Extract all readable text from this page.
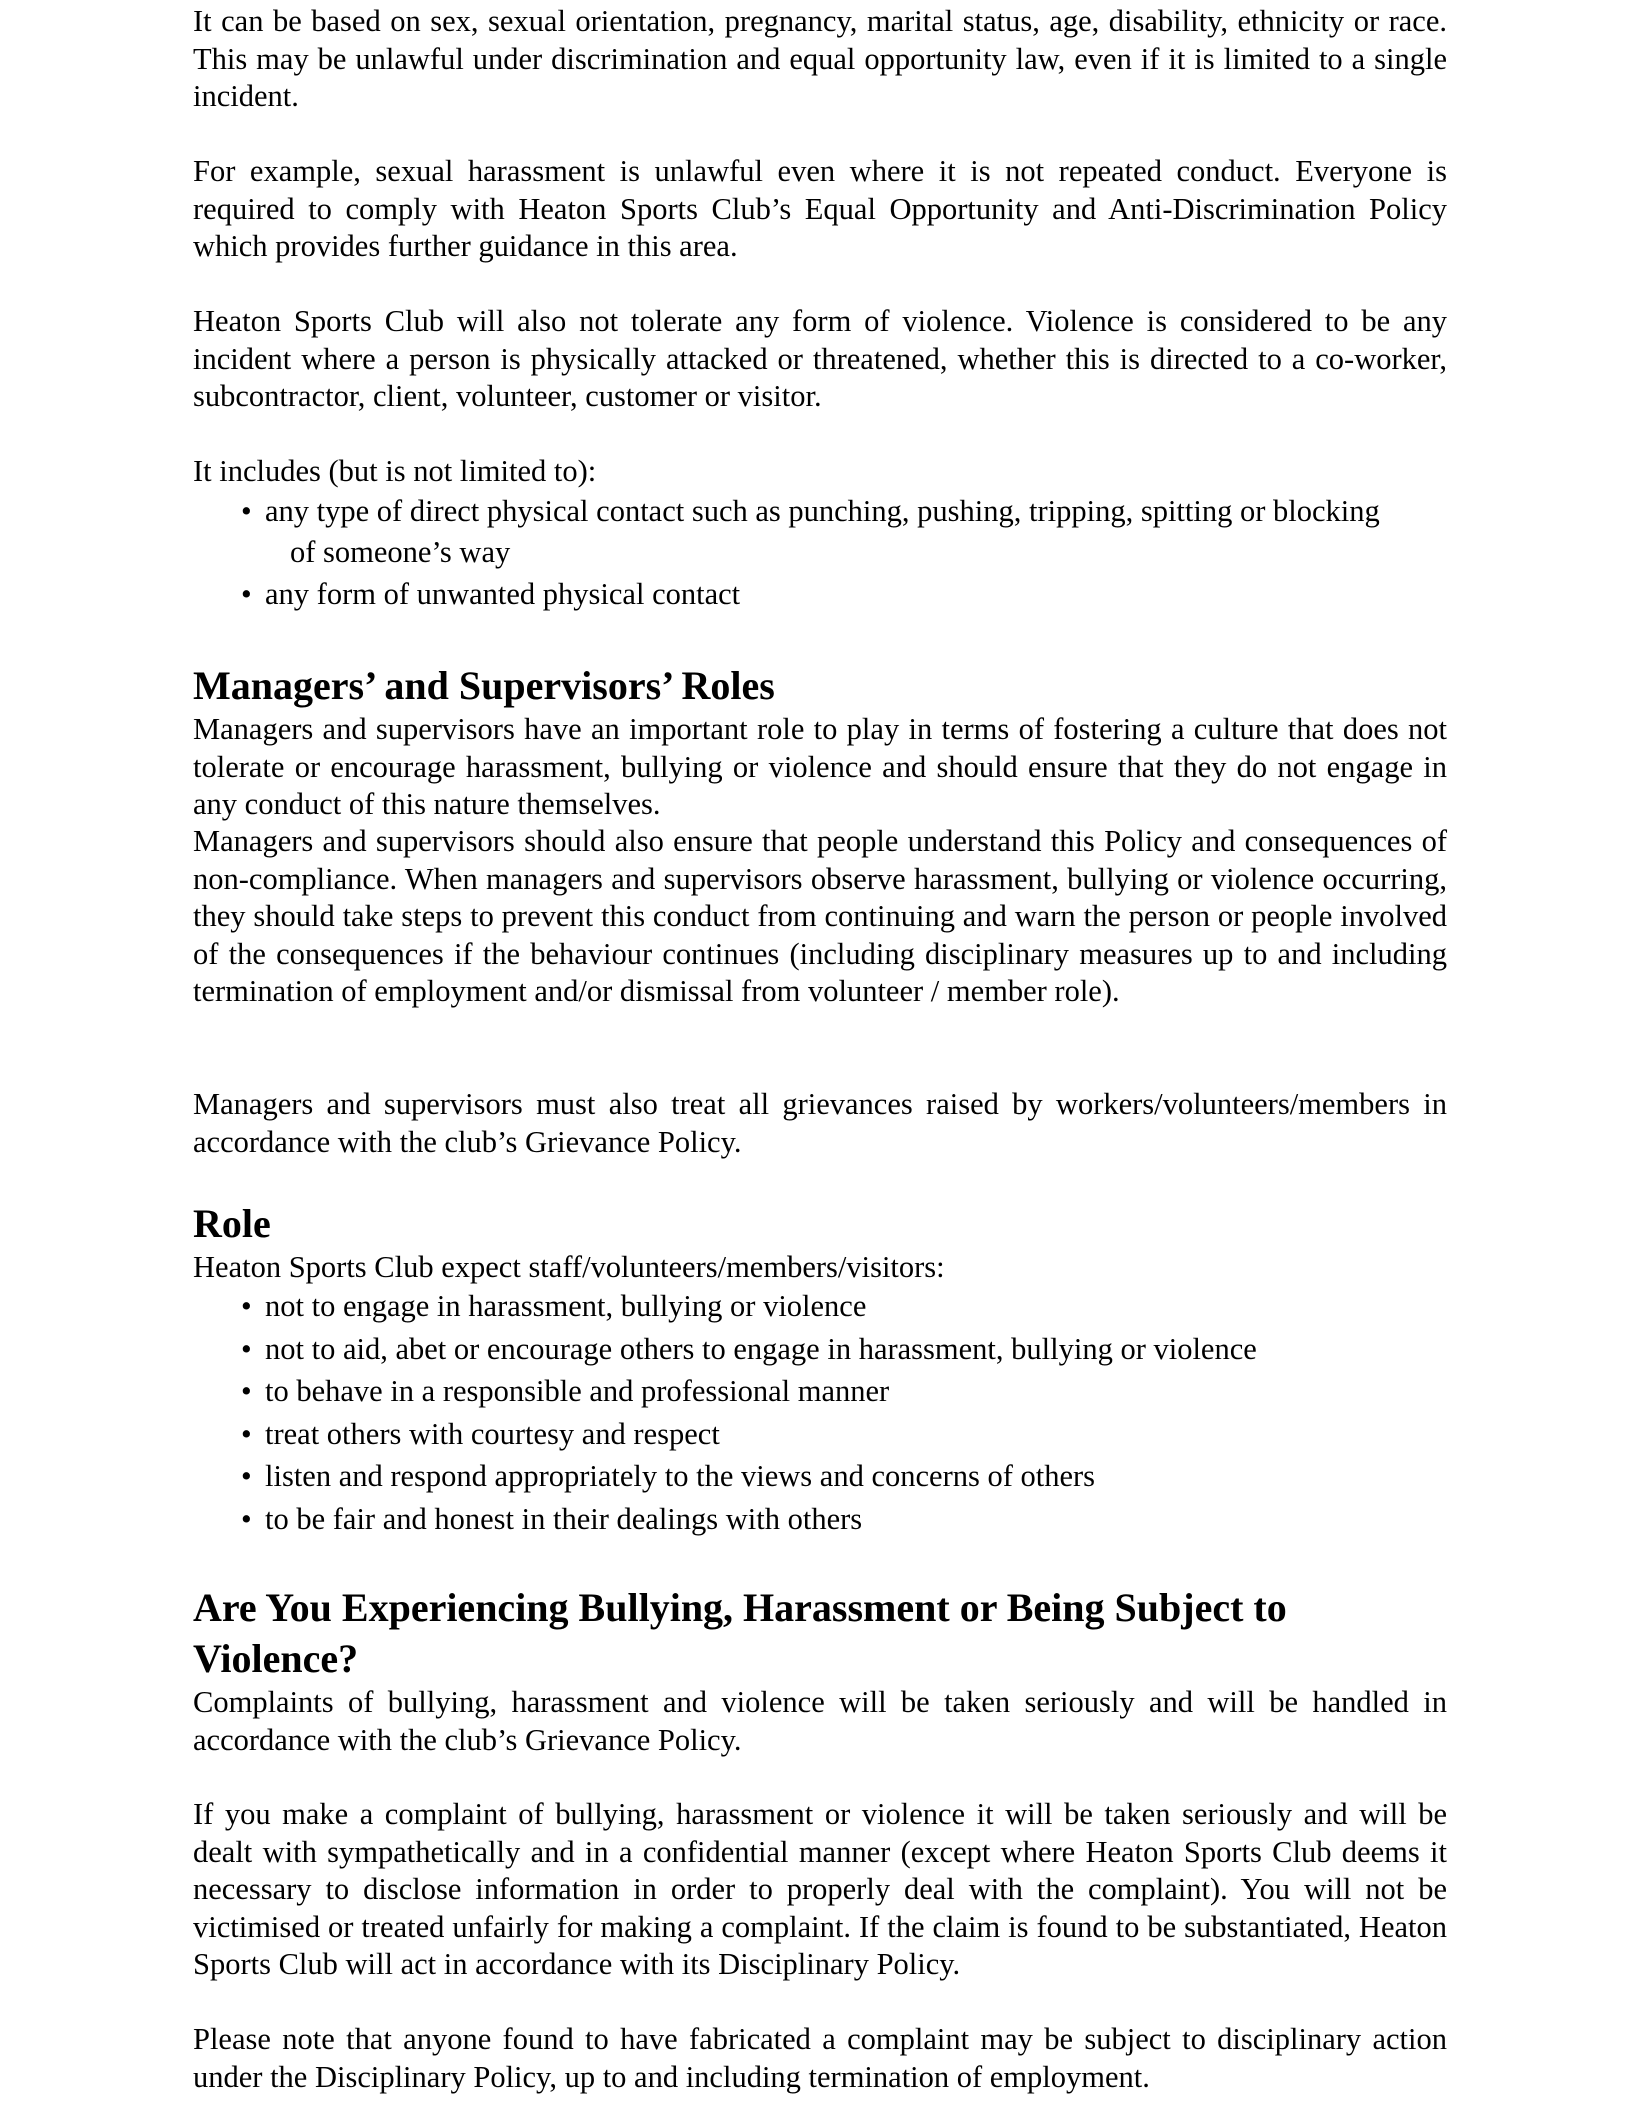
It can be based on sex, sexual orientation, pregnancy, marital status, age, disability, ethnicity or race. This may be unlawful under discrimination and equal opportunity law, even if it is limited to a single incident.

For example, sexual harassment is unlawful even where it is not repeated conduct. Everyone is required to comply with Heaton Sports Club’s Equal Opportunity and Anti-Discrimination Policy which provides further guidance in this area.

Heaton Sports Club will also not tolerate any form of violence. Violence is considered to be any incident where a person is physically attacked or threatened, whether this is directed to a co-worker, subcontractor, client, volunteer, customer or visitor.

It includes (but is not limited to):

• any type of direct physical contact such as punching, pushing, tripping, spitting or blocking
of someone’s way
• any form of unwanted physical contact
Managers’ and Supervisors’ Roles

Managers and supervisors have an important role to play in terms of fostering a culture that does not tolerate or encourage harassment, bullying or violence and should ensure that they do not engage in any conduct of this nature themselves.

Managers and supervisors should also ensure that people understand this Policy and consequences of non-compliance. When managers and supervisors observe harassment, bullying or violence occurring, they should take steps to prevent this conduct from continuing and warn the person or people involved of the consequences if the behaviour continues (including disciplinary measures up to and including termination of employment and/or dismissal from volunteer / member role).

Managers and supervisors must also treat all grievances raised by workers/volunteers/members in accordance with the club’s Grievance Policy.

Role

Heaton Sports Club expect staff/volunteers/members/visitors:

• not to engage in harassment, bullying or violence
• not to aid, abet or encourage others to engage in harassment, bullying or violence
• to behave in a responsible and professional manner
• treat others with courtesy and respect
• listen and respond appropriately to the views and concerns of others
• to be fair and honest in their dealings with others
Are You Experiencing Bullying, Harassment or Being Subject to Violence?

Complaints of bullying, harassment and violence will be taken seriously and will be handled in accordance with the club’s Grievance Policy.

If you make a complaint of bullying, harassment or violence it will be taken seriously and will be dealt with sympathetically and in a confidential manner (except where Heaton Sports Club deems it necessary to disclose information in order to properly deal with the complaint). You will not be victimised or treated unfairly for making a complaint. If the claim is found to be substantiated, Heaton Sports Club will act in accordance with its Disciplinary Policy.

Please note that anyone found to have fabricated a complaint may be subject to disciplinary action under the Disciplinary Policy, up to and including termination of employment.
